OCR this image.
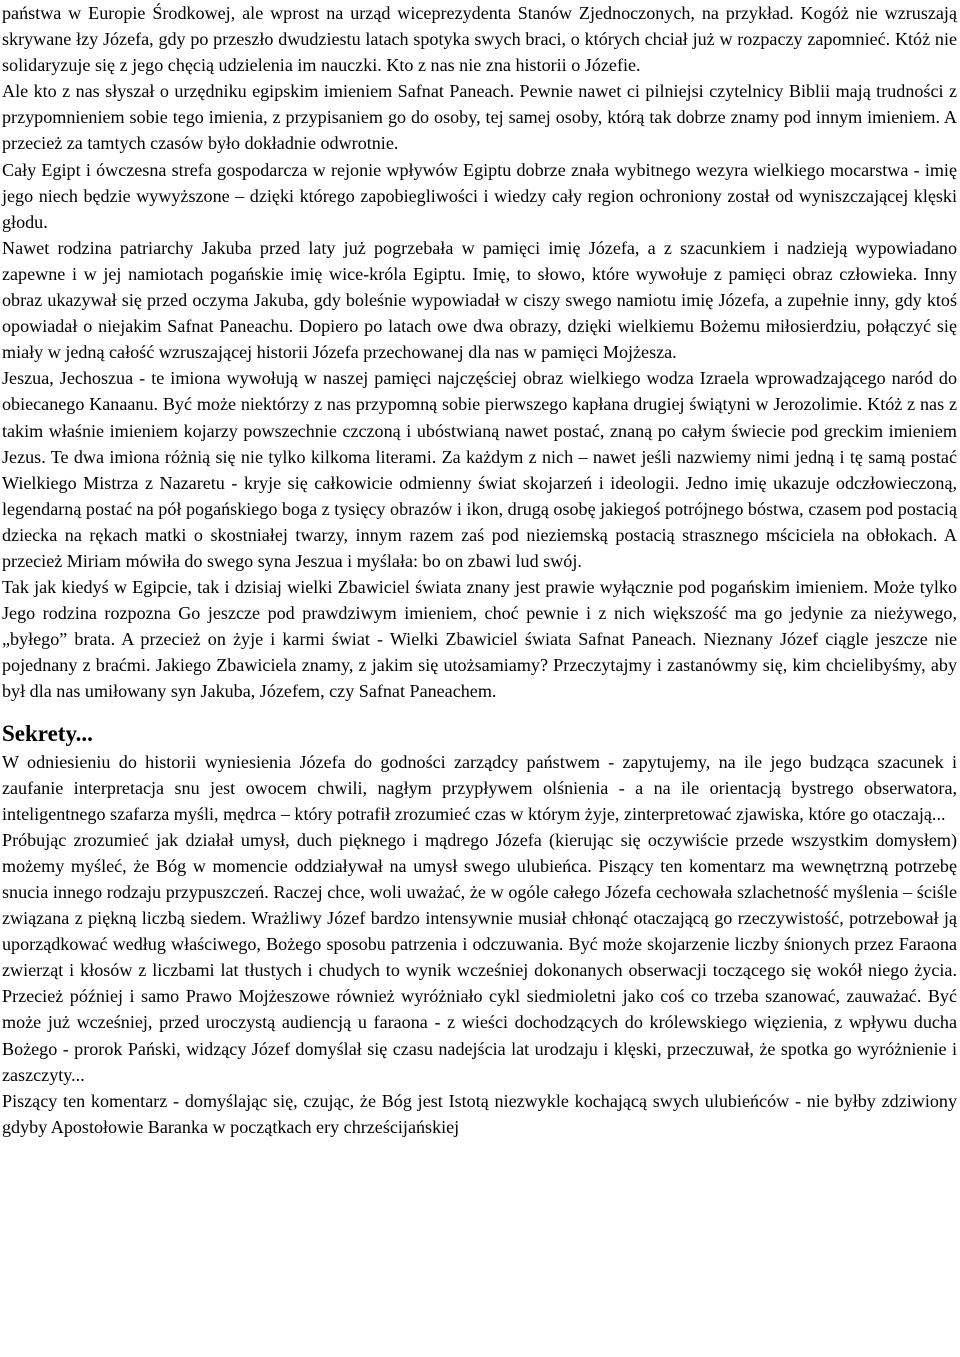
państwa w Europie Środkowej, ale wprost na urząd wiceprezydenta Stanów Zjednoczonych, na przykład. Kogóż nie wzruszają skrywane łzy Józefa, gdy po przeszło dwudziestu latach spotyka swych braci, o których chciał już w rozpaczy zapomnieć. Któż nie solidaryzuje się z jego chęcią udzielenia im nauczki. Kto z nas nie zna historii o Józefie.

Ale kto z nas słyszał o urzędniku egipskim imieniem Safnat Paneach. Pewnie nawet ci pilniejsi czytelnicy Biblii mają trudności z przypomnieniem sobie tego imienia, z przypisaniem go do osoby, tej samej osoby, którą tak dobrze znamy pod innym imieniem. A przecież za tamtych czasów było dokładnie odwrotnie.

Cały Egipt i ówczesna strefa gospodarcza w rejonie wpływów Egiptu dobrze znała wybitnego wezyra wielkiego mocarstwa - imię jego niech będzie wywyższone – dzięki którego zapobiegliwości i wiedzy cały region ochroniony został od wyniszczającej klęski głodu.

Nawet rodzina patriarchy Jakuba przed laty już pogrzebała w pamięci imię Józefa, a z szacunkiem i nadzieją wypowiadano zapewne i w jej namiotach pogańskie imię wice-króla Egiptu. Imię, to słowo, które wywołuje z pamięci obraz człowieka. Inny obraz ukazywał się przed oczyma Jakuba, gdy boleśnie wypowiadał w ciszy swego namiotu imię Józefa, a zupełnie inny, gdy ktoś opowiadał o niejakim Safnat Paneachu. Dopiero po latach owe dwa obrazy, dzięki wielkiemu Bożemu miłosierdziu, połączyć się miały w jedną całość wzruszającej historii Józefa przechowanej dla nas w pamięci Mojżesza.

Jeszua, Jechoszua - te imiona wywołują w naszej pamięci najczęściej obraz wielkiego wodza Izraela wprowadzającego naród do obiecanego Kanaanu. Być może niektórzy z nas przypomną sobie pierwszego kapłana drugiej świątyni w Jerozolimie. Któż z nas z takim właśnie imieniem kojarzy powszechnie czczoną i ubóstwianą nawet postać, znaną po całym świecie pod greckim imieniem Jezus. Te dwa imiona różnią się nie tylko kilkoma literami. Za każdym z nich – nawet jeśli nazwiemy nimi jedną i tę samą postać Wielkiego Mistrza z Nazaretu - kryje się całkowicie odmienny świat skojarzeń i ideologii. Jedno imię ukazuje odczłowieczoną, legendarną postać na pół pogańskiego boga z tysięcy obrazów i ikon, drugą osobę jakiegoś potrójnego bóstwa, czasem pod postacią dziecka na rękach matki o skostniałej twarzy, innym razem zaś pod nieziemską postacią strasznego mściciela na obłokach. A przecież Miriam mówiła do swego syna Jeszua i myślała: bo on zbawi lud swój.

Tak jak kiedyś w Egipcie, tak i dzisiaj wielki Zbawiciel świata znany jest prawie wyłącznie pod pogańskim imieniem. Może tylko Jego rodzina rozpozna Go jeszcze pod prawdziwym imieniem, choć pewnie i z nich większość ma go jedynie za nieżywego, „byłego” brata. A przecież on żyje i karmi świat - Wielki Zbawiciel świata Safnat Paneach. Nieznany Józef ciągle jeszcze nie pojednany z braćmi. Jakiego Zbawiciela znamy, z jakim się utożsamiamy? Przeczytajmy i zastanówmy się, kim chcielibyśmy, aby był dla nas umiłowany syn Jakuba, Józefem, czy Safnat Paneachem.

Sekrety...

W odniesieniu do historii wyniesienia Józefa do godności zarządcy państwem - zapytujemy, na ile jego budząca szacunek i zaufanie interpretacja snu jest owocem chwili, nagłym przypływem olśnienia - a na ile orientacją bystrego obserwatora, inteligentnego szafarza myśli, mędrca – który potrafił zrozumieć czas w którym żyje, zinterpretować zjawiska, które go otaczają...

Próbując zrozumieć jak działał umysł, duch pięknego i mądrego Józefa (kierując się oczywiście przede wszystkim domysłem) możemy myśleć, że Bóg w momencie oddziaływał na umysł swego ulubieńca. Piszący ten komentarz ma wewnętrzną potrzebę snucia innego rodzaju przypuszczeń. Raczej chce, woli uważać, że w ogóle całego Józefa cechowała szlachetność myślenia – ściśle związana z piękną liczbą siedem. Wrażliwy Józef bardzo intensywnie musiał chłonąć otaczającą go rzeczywistość, potrzebował ją uporządkować według właściwego, Bożego sposobu patrzenia i odczuwania. Być może skojarzenie liczby śnionych przez Faraona zwierząt i kłosów z liczbami lat tłustych i chudych to wynik wcześniej dokonanych obserwacji toczącego się wokół niego życia. Przecież później i samo Prawo Mojżeszowe również wyróżniało cykl siedmioletni jako coś co trzeba szanować, zauważać. Być może już wcześniej, przed uroczystą audiencją u faraona - z wieści dochodzących do królewskiego więzienia, z wpływu ducha Bożego - prorok Pański, widzący Józef domyślał się czasu nadejścia lat urodzaju i klęski, przeczuwał, że spotka go wyróżnienie i zaszczyty...

Piszący ten komentarz - domyślając się, czując, że Bóg jest Istotą niezwykle kochającą swych ulubieńców - nie byłby zdziwiony gdyby Apostołowie Baranka w początkach ery chrześcijańskiej
